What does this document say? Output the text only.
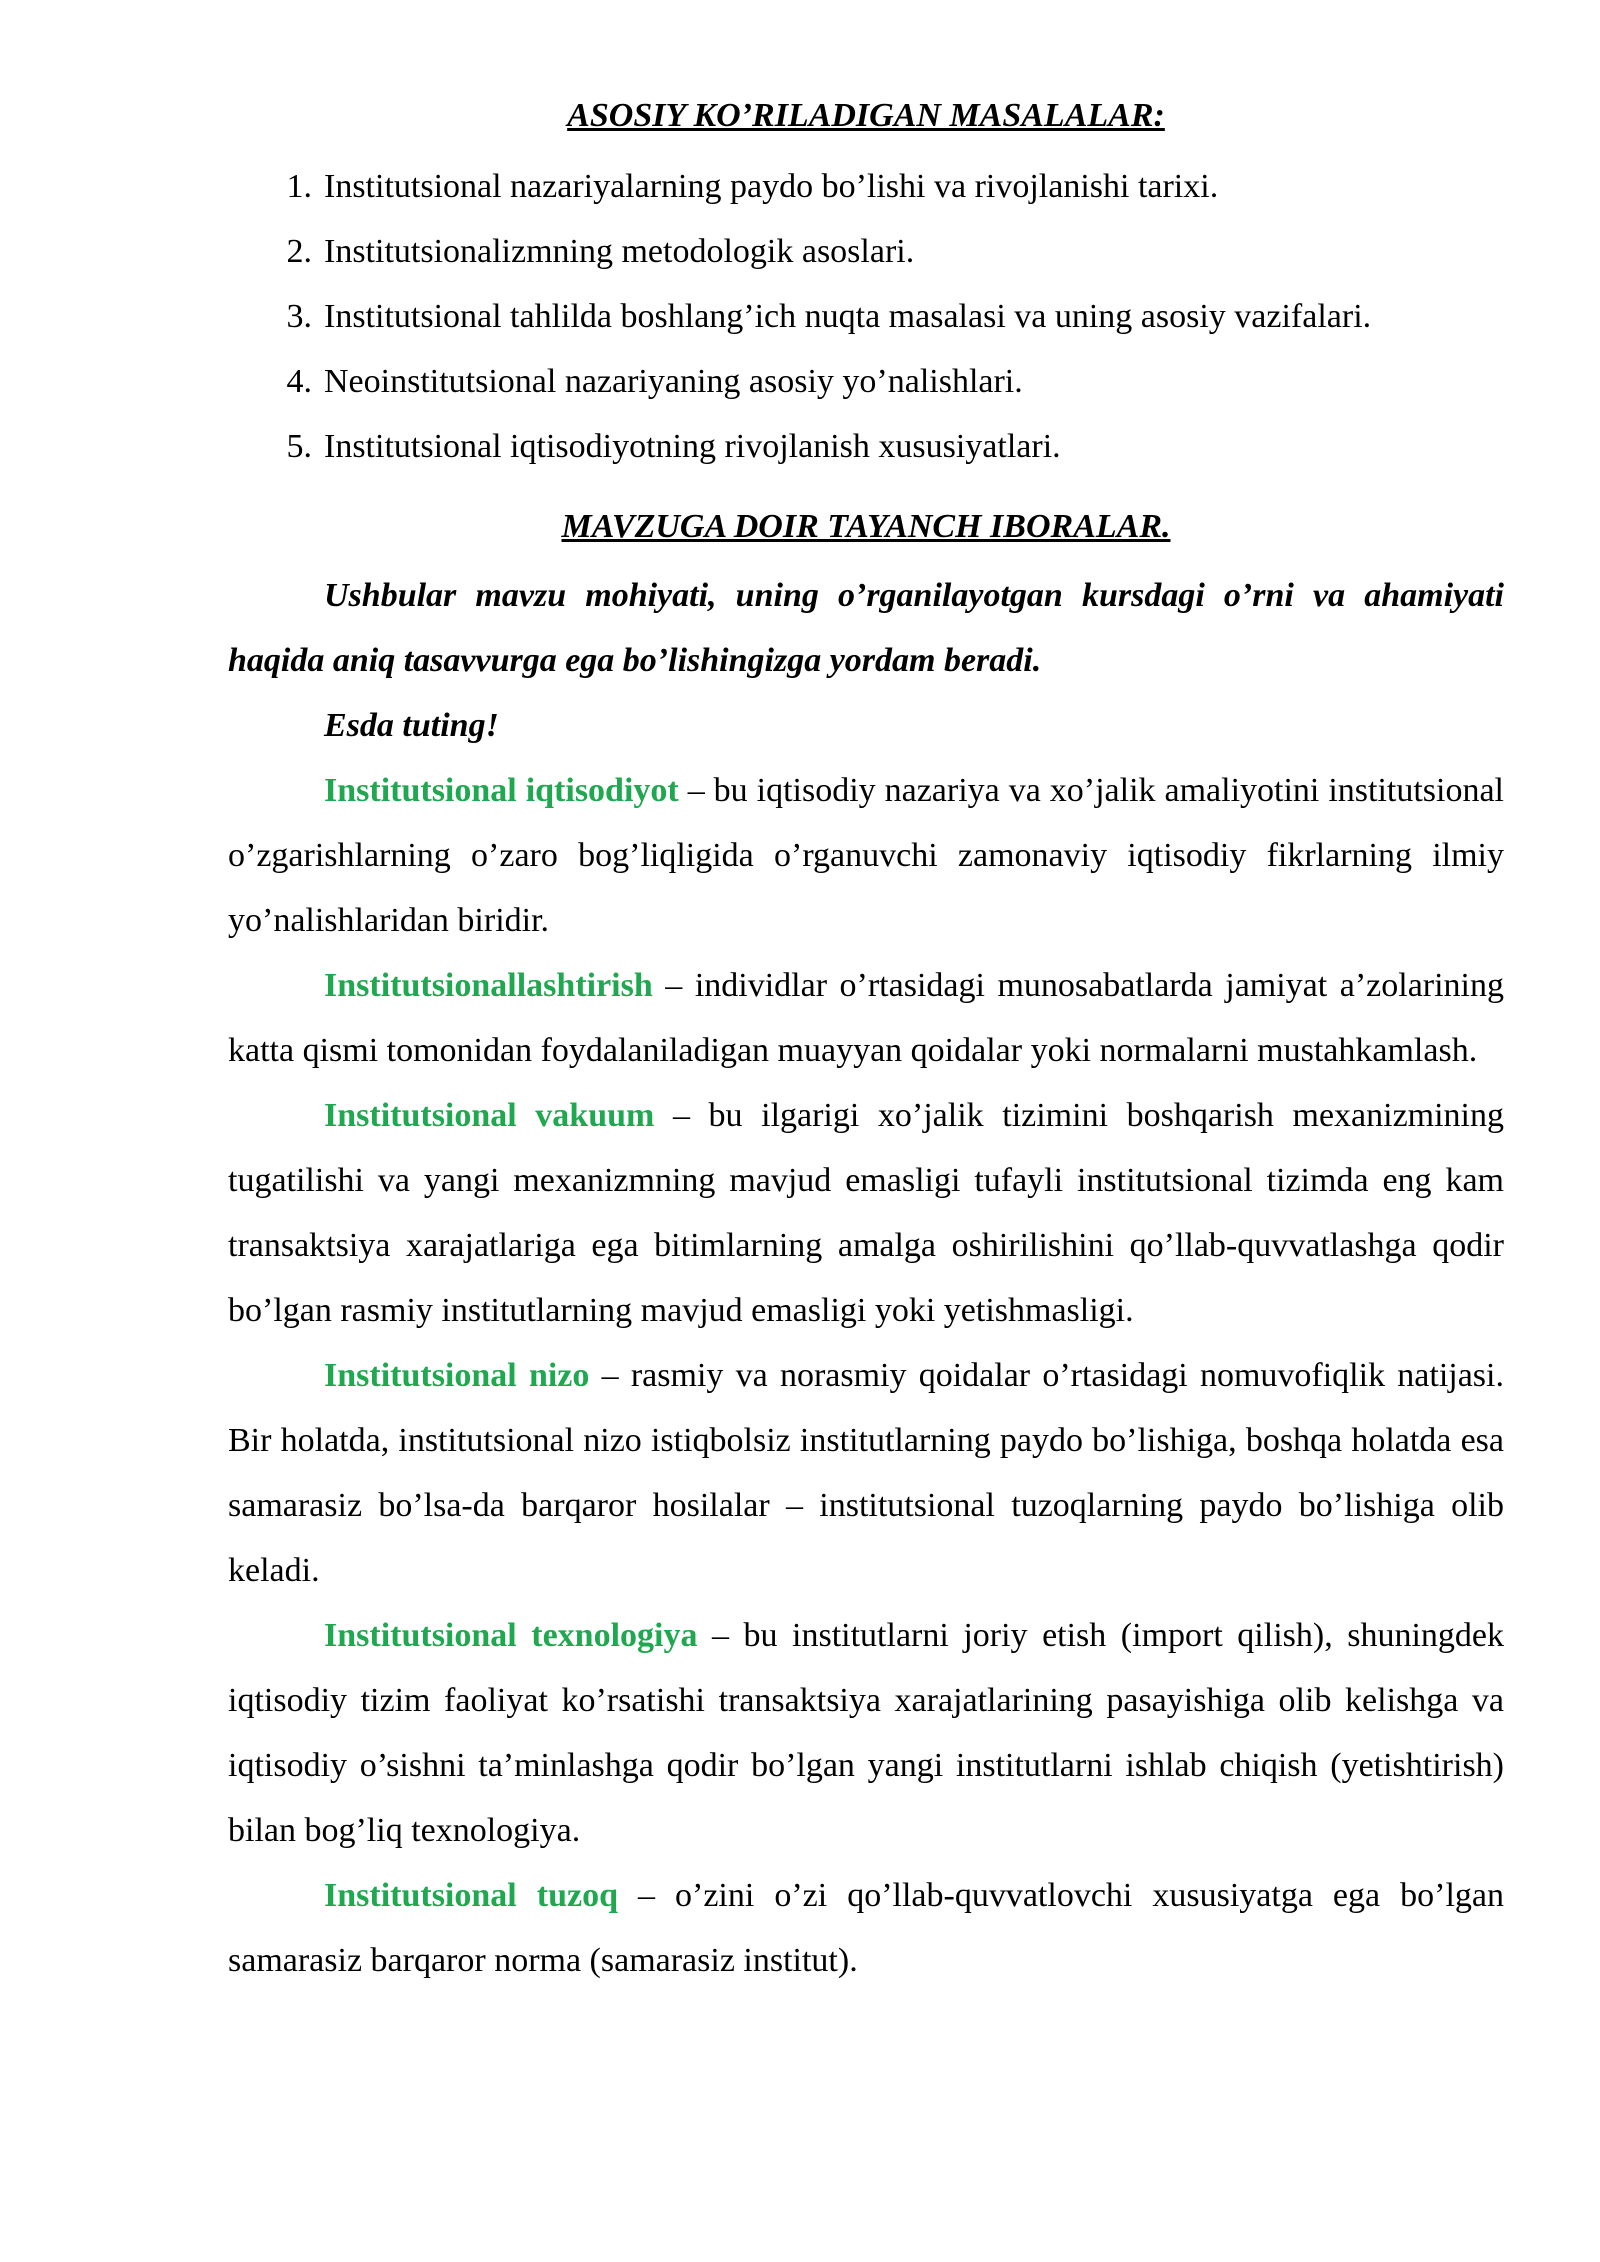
ASOSIY KO’RILADIGAN MASALALAR:
1. Institutsional nazariyalarning paydo bo’lishi va rivojlanishi tarixi.
2. Institutsionalizmning metodologik asoslari.
3. Institutsional tahlilda boshlang’ich nuqta masalasi va uning asosiy vazifalari.
4. Neoinstitutsional nazariyaning asosiy yo’nalishlari.
5. Institutsional iqtisodiyotning rivojlanish xususiyatlari.
MAVZUGA DOIR TAYANCH IBORALAR.

Ushbular mavzu mohiyati, uning o’rganilayotgan kursdagi o’rni va ahamiyati haqida aniq tasavvurga ega bo’lishingizga yordam beradi.

Esda tuting!

Institutsional iqtisodiyot – bu iqtisodiy nazariya va xo’jalik amaliyotini institutsional o’zgarishlarning o’zaro bog’liqligida o’rganuvchi zamonaviy iqtisodiy fikrlarning ilmiy yo’nalishlaridan biridir.

Institutsionallashtirish – individlar o’rtasidagi munosabatlarda jamiyat a’zolarining katta qismi tomonidan foydalaniladigan muayyan qoidalar yoki normalarni mustahkamlash.

Institutsional vakuum – bu ilgarigi xo’jalik tizimini boshqarish mexanizmining tugatilishi va yangi mexanizmning mavjud emasligi tufayli institutsional tizimda eng kam transaktsiya xarajatlariga ega bitimlarning amalga oshirilishini qo’llab-quvvatlashga qodir bo’lgan rasmiy institutlarning mavjud emasligi yoki yetishmasligi.

Institutsional nizo – rasmiy va norasmiy qoidalar o’rtasidagi nomuvofiqlik natijasi. Bir holatda, institutsional nizo istiqbolsiz institutlarning paydo bo’lishiga, boshqa holatda esa samarasiz bo’lsa-da barqaror hosilalar – institutsional tuzoqlarning paydo bo’lishiga olib keladi.

Institutsional texnologiya – bu institutlarni joriy etish (import qilish), shuningdek iqtisodiy tizim faoliyat ko’rsatishi transaktsiya xarajatlarining pasayishiga olib kelishga va iqtisodiy o’sishni ta’minlashga qodir bo’lgan yangi institutlarni ishlab chiqish (yetishtirish) bilan bog’liq texnologiya.

Institutsional tuzoq – o’zini o’zi qo’llab-quvvatlovchi xususiyatga ega bo’lgan samarasiz barqaror norma (samarasiz institut).
